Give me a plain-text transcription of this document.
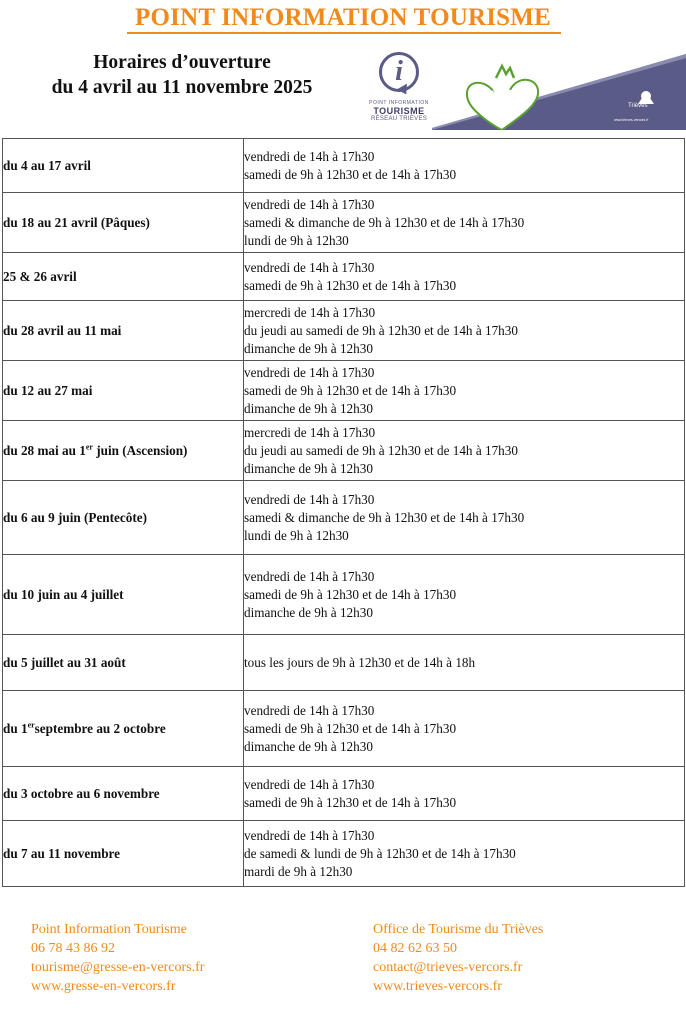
POINT INFORMATION TOURISME
Horaires d’ouverture
du 4 avril au 11 novembre 2025
i
POINT INFORMATION
TOURISME
RÉSEAU TRIÈVES
Gresse
Vercors	Trièves
www.trieves-vercors.fr
du 4 au 17 avril	vendredi de 14h à 17h30
samedi de 9h à 12h30 et de 14h à 17h30

du 18 au 21 avril (Pâques)	vendredi de 14h à 17h30
samedi & dimanche de 9h à 12h30 et de 14h à 17h30
lundi de 9h à 12h30

25 & 26 avril	vendredi de 14h à 17h30
samedi de 9h à 12h30 et de 14h à 17h30

du 28 avril au 11 mai	mercredi de 14h à 17h30
du jeudi au samedi de 9h à 12h30 et de 14h à 17h30
dimanche de 9h à 12h30

du 12 au 27 mai	vendredi de 14h à 17h30
samedi de 9h à 12h30 et de 14h à 17h30
dimanche de 9h à 12h30

du 28 mai au 1er juin (Ascension)	mercredi de 14h à 17h30
du jeudi au samedi de 9h à 12h30 et de 14h à 17h30
dimanche de 9h à 12h30

du 6 au 9 juin (Pentecôte)	vendredi de 14h à 17h30
samedi & dimanche de 9h à 12h30 et de 14h à 17h30
lundi de 9h à 12h30

du 10 juin au 4 juillet	vendredi de 14h à 17h30
samedi de 9h à 12h30 et de 14h à 17h30
dimanche de 9h à 12h30

du 5 juillet au 31 août	tous les jours de 9h à 12h30 et de 14h à 18h

du 1erseptembre au 2 octobre	vendredi de 14h à 17h30
samedi de 9h à 12h30 et de 14h à 17h30
dimanche de 9h à 12h30

du 3 octobre au 6 novembre	vendredi de 14h à 17h30
samedi de 9h à 12h30 et de 14h à 17h30

du 7 au 11 novembre	vendredi de 14h à 17h30
de samedi & lundi de 9h à 12h30 et de 14h à 17h30
mardi de 9h à 12h30
Point Information Tourisme
06 78 43 86 92
tourisme@gresse-en-vercors.fr
www.gresse-en-vercors.fr
Office de Tourisme du Trièves
04 82 62 63 50
contact@trieves-vercors.fr
www.trieves-vercors.fr
